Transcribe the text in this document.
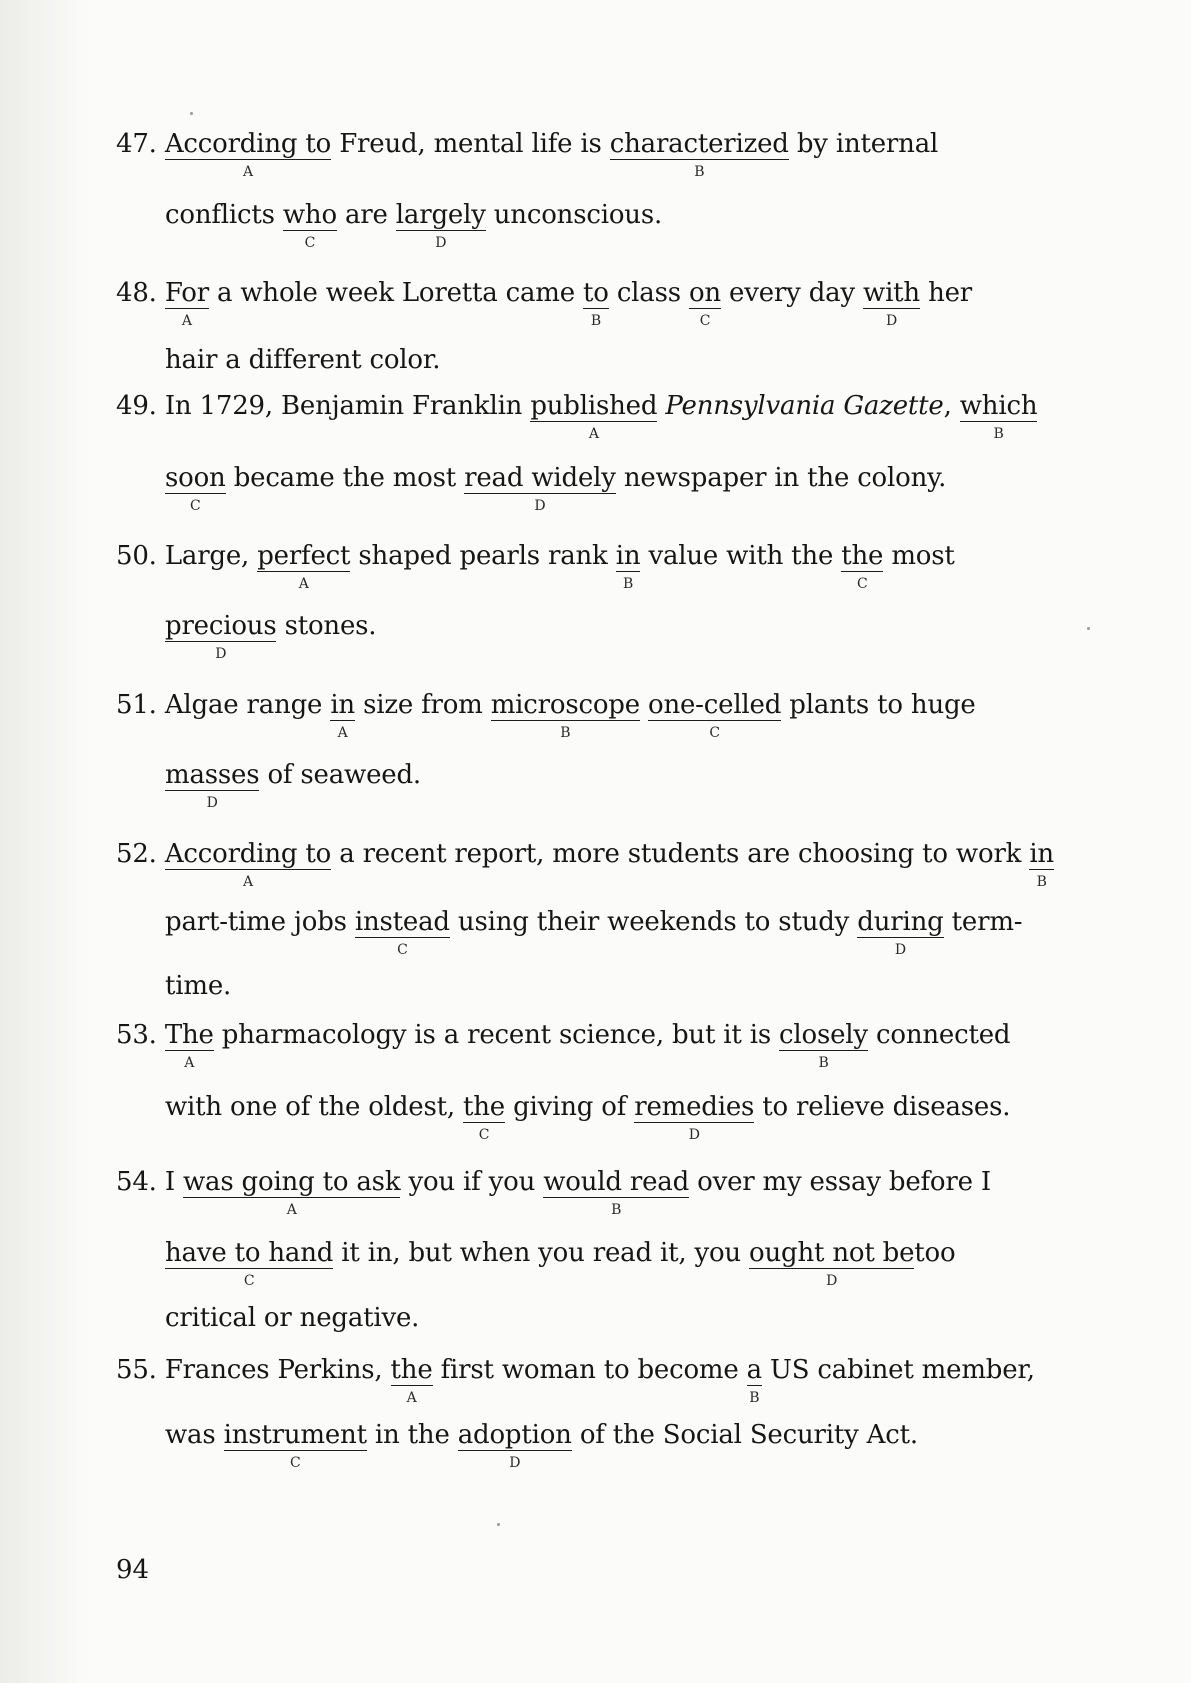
47. According to
A
Freud, mental life is characterized
B
by internal
conflicts who
C
are largely
D
unconscious.
48. For
A
a whole week Loretta came to
B
class on
C
every day with
D
her
hair a different color.
49. In 1729, Benjamin Franklin published
A
Pennsylvania Gazette, which
B
soon
C
became the most read widely
D
newspaper in the colony.
50. Large, perfect
A
shaped pearls rank in
B
value with the the
C
most
precious
D
stones.
51. Algae range in
A
size from microscope
B
one-celled
C
plants to huge
masses
D
of seaweed.
52. According to
A
a recent report, more students are choosing to work in
B
part-time jobs instead
C
using their weekends to study during
D
term-
time.
53. The
A
pharmacology is a recent science, but it is closely
B
connected
with one of the oldest, the
C
giving of remedies
D
to relieve diseases.
54. I was going to ask
A
you if you would read
B
over my essay before I
have to hand
C
it in, but when you read it, you ought not be
D
too
critical or negative.
55. Frances Perkins, the
A
first woman to become a
B
US cabinet member,
was instrument
C
in the adoption
D
of the Social Security Act.
94
